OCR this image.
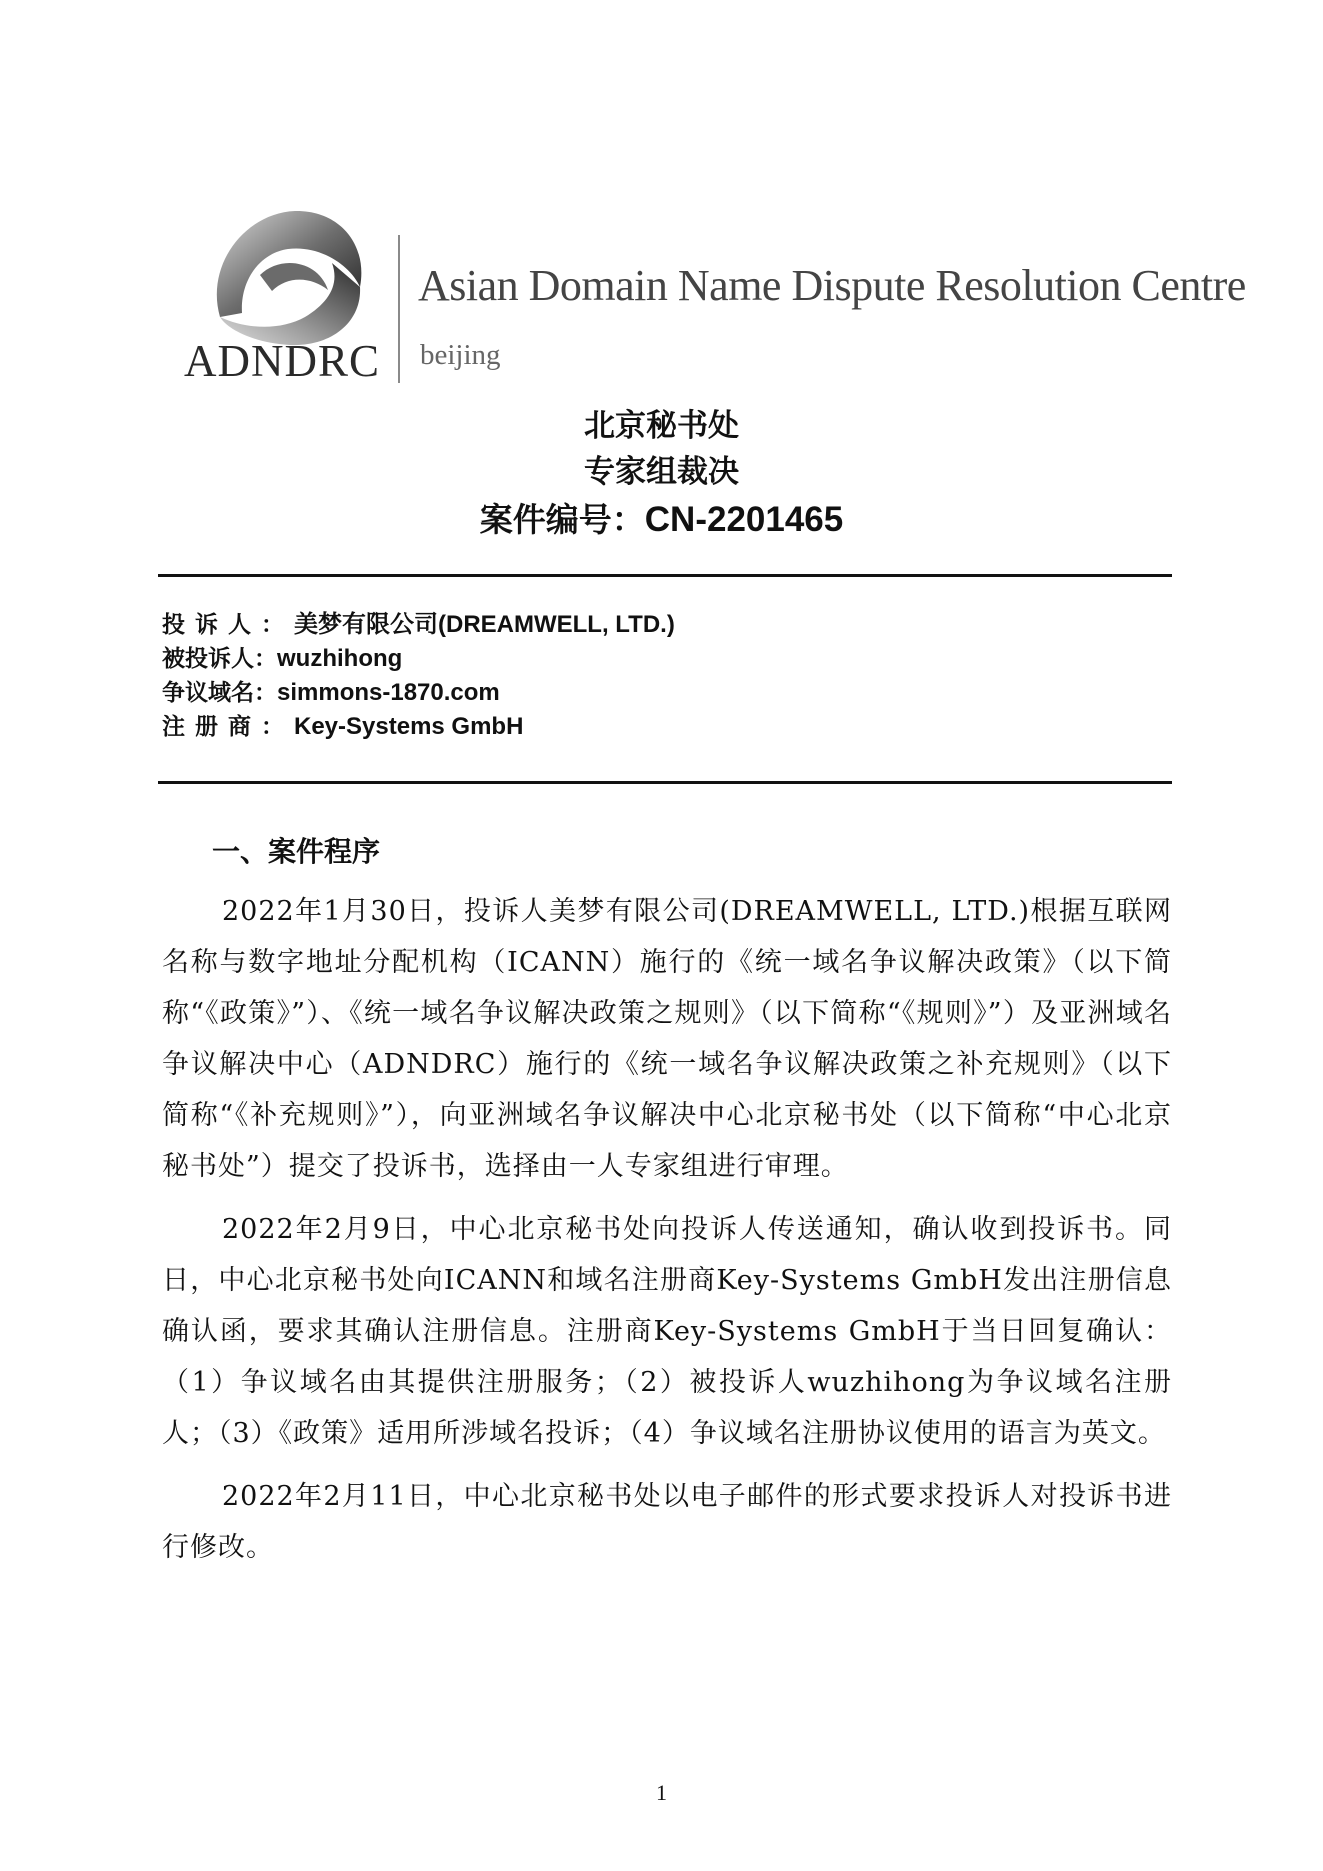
ADNDRC
Asian Domain Name Dispute Resolution Centre
beijing
北京秘书处
专家组裁决
案件编号：CN-2201465
投诉人：美梦有限公司(DREAMWELL, LTD.)
被投诉人：wuzhihong
争议域名：simmons-1870.com
注册商：Key-Systems GmbH
一、案件程序

2022年1月30日，投诉人美梦有限公司(DREAMWELL, LTD.)根据互联网名称与数字地址分配机构（ICANN）施行的《统一域名争议解决政策》（以下简称“《政策》”）、《统一域名争议解决政策之规则》（以下简称“《规则》”）及亚洲域名争议解决中心（ADNDRC）施行的《统一域名争议解决政策之补充规则》（以下简称“《补充规则》”），向亚洲域名争议解决中心北京秘书处（以下简称“中心北京秘书处”）提交了投诉书，选择由一人专家组进行审理。

2022年2月9日，中心北京秘书处向投诉人传送通知，确认收到投诉书。同日，中心北京秘书处向ICANN和域名注册商Key-Systems GmbH发出注册信息确认函，要求其确认注册信息。注册商Key-Systems GmbH于当日回复确认：（1）争议域名由其提供注册服务；（2）被投诉人wuzhihong为争议域名注册人；（3）《政策》适用所涉域名投诉；（4）争议域名注册协议使用的语言为英文。

2022年2月11日，中心北京秘书处以电子邮件的形式要求投诉人对投诉书进行修改。

1
